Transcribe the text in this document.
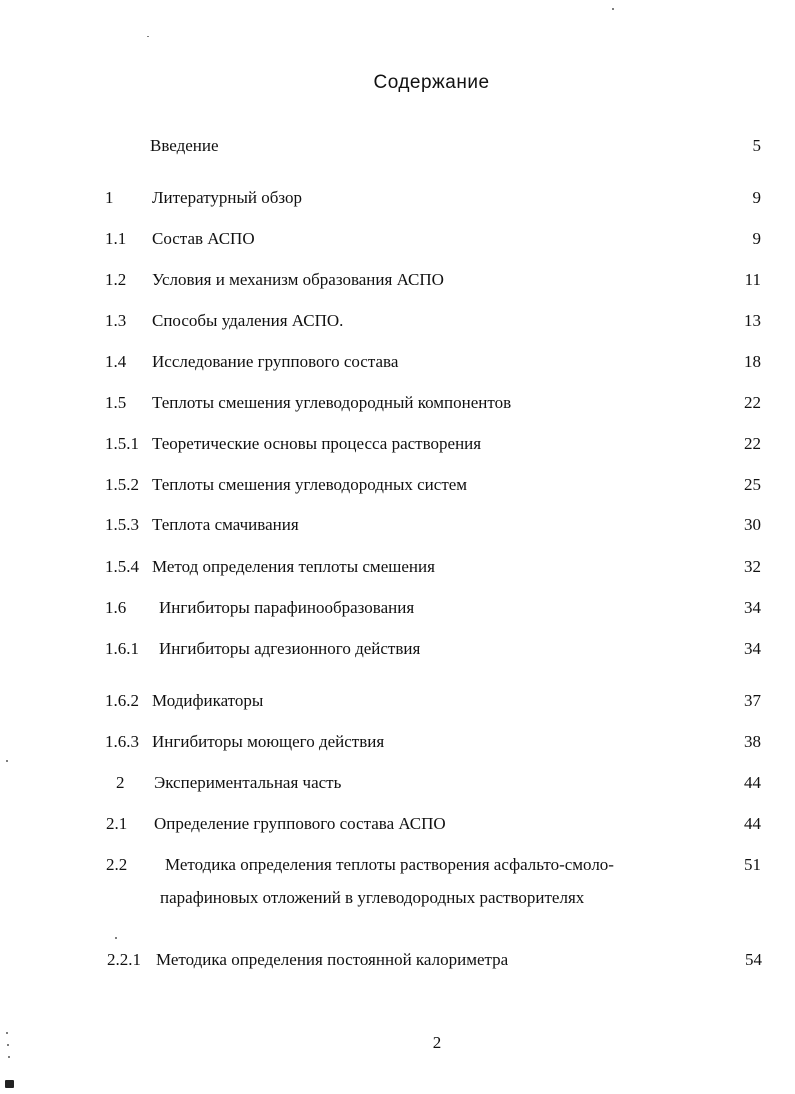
Содержание
Введение	5
1 Литературный обзор	9
1.1 Состав АСПО	9
1.2 Условия и механизм образования АСПО	11
1.3 Способы удаления АСПО.	13
1.4 Исследование группового состава	18
1.5 Теплоты смешения углеводородный компонентов	22
1.5.1 Теоретические основы процесса растворения	22
1.5.2 Теплоты смешения углеводородных систем	25
1.5.3 Теплота смачивания	30
1.5.4 Метод определения теплоты смешения	32
1.6 Ингибиторы парафинообразования	34
1.6.1 Ингибиторы адгезионного действия	34
1.6.2 Модификаторы	37
1.6.3 Ингибиторы моющего действия	38
2 Экспериментальная часть	44
2.1 Определение группового состава АСПО	44
2.2 Методика определения теплоты растворения асфальто-смоло-	51
парафиновых отложений в углеводородных растворителях
2.2.1 Методика определения постоянной калориметра	54
2
